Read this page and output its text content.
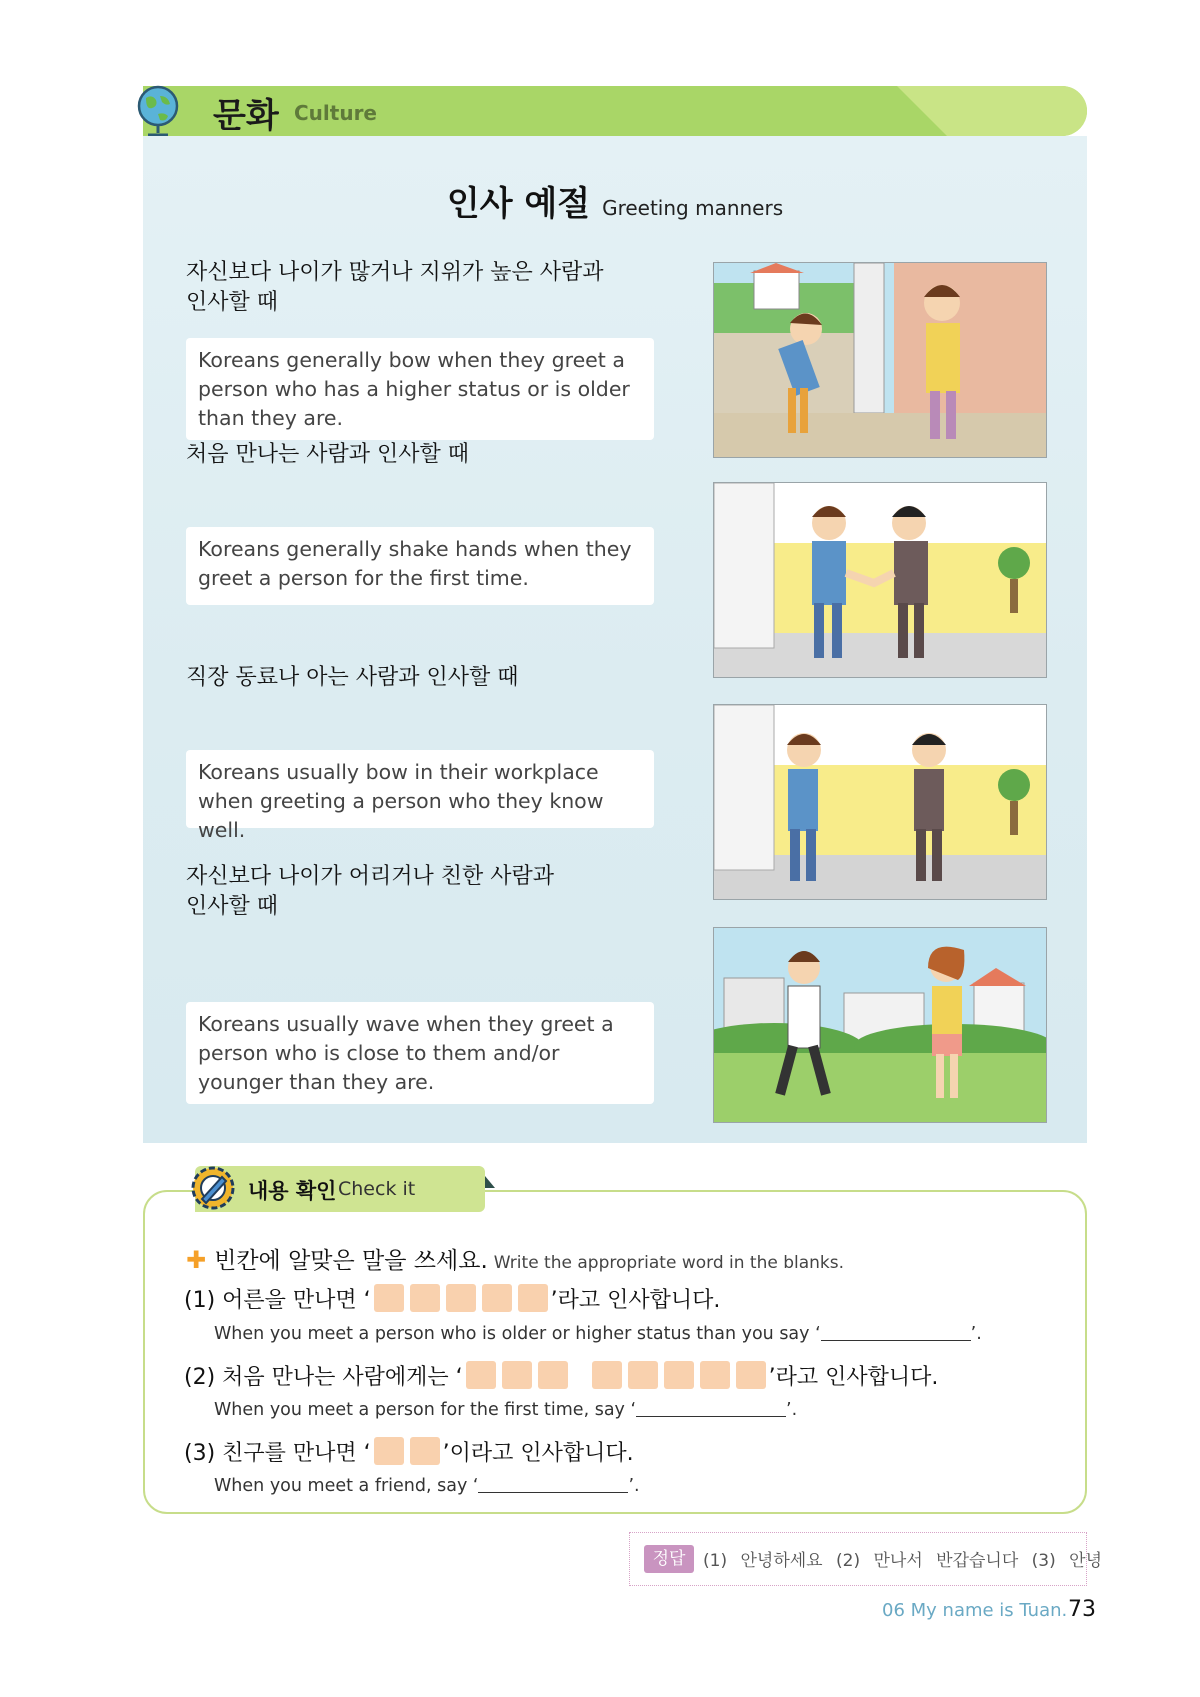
문화 Culture
인사 예절 Greeting manners
자신보다 나이가 많거나 지위가 높은 사람과
인사할 때
Koreans generally bow when they greet a person who has a higher status or is older than they are.
처음 만나는 사람과 인사할 때
Koreans generally shake hands when they greet a person for the first time.
직장 동료나 아는 사람과 인사할 때
Koreans usually bow in their workplace when greeting a person who they know well.
자신보다 나이가 어리거나 친한 사람과
인사할 때
Koreans usually wave when they greet a person who is close to them and/or younger than they are.
내용 확인 Check it
✚ 빈칸에 알맞은 말을 쓰세요. Write the appropriate word in the blanks.
(1) 어른을 만나면 ‘	’라고 인사합니다.
When you meet a person who is older or higher status than you say ‘	’.
(2) 처음 만나는 사람에게는 ‘	’라고 인사합니다.
When you meet a person for the first time, say ‘	’.
(3) 친구를 만나면 ‘	’이라고 인사합니다.
When you meet a friend, say ‘	’.
정답	(1) 안녕하세요 (2) 만나서 반갑습니다 (3) 안녕
06 My name is Tuan. 73
